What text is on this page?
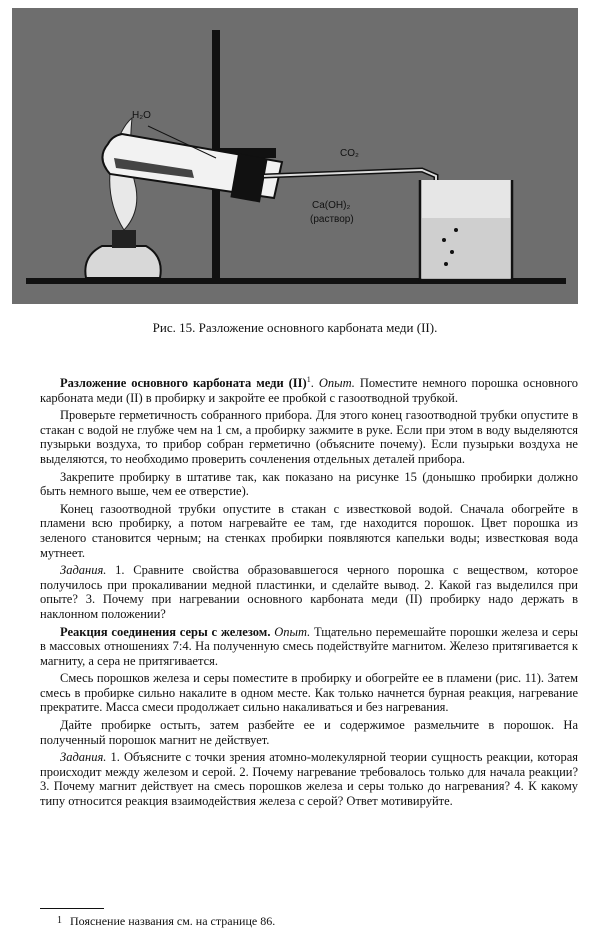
H₂O
CO₂
Ca(OH)₂
(раствор)
Рис. 15. Разложение основного карбоната меди (II).

Разложение основного карбоната меди (II)$^1$. Опыт. Поместите немного порошка основного карбоната меди (II) в пробирку и закройте ее пробкой с газоотводной трубкой.

Проверьте герметичность собранного прибора. Для этого конец газоотводной трубки опустите в стакан с водой не глубже чем на 1 см, а пробирку зажмите в руке. Если при этом в воду выделяются пузырьки воздуха, то прибор собран герметично (объясните почему). Если пузырьки воздуха не выделяются, то необходимо проверить сочленения отдельных деталей прибора.

Закрепите пробирку в штативе так, как показано на рисунке 15 (донышко пробирки должно быть немного выше, чем ее отверстие).

Конец газоотводной трубки опустите в стакан с известковой водой. Сначала обогрейте в пламени всю пробирку, а потом нагревайте ее там, где находится порошок. Цвет порошка из зеленого становится черным; на стенках пробирки появляются капельки воды; известковая вода мутнеет.

Задания. 1. Сравните свойства образовавшегося черного порошка с веществом, которое получилось при прокаливании медной пластинки, и сделайте вывод. 2. Какой газ выделился при опыте? 3. Почему при нагревании основного карбоната меди (II) пробирку надо держать в наклонном положении?

Реакция соединения серы с железом. Опыт. Тщательно перемешайте порошки железа и серы в массовых отношениях 7:4. На полученную смесь подействуйте магнитом. Железо притягивается к магниту, а сера не притягивается.

Смесь порошков железа и серы поместите в пробирку и обогрейте ее в пламени (рис. 11). Затем смесь в пробирке сильно накалите в одном месте. Как только начнется бурная реакция, нагревание прекратите. Масса смеси продолжает сильно накаливаться и без нагревания.

Дайте пробирке остыть, затем разбейте ее и содержимое размельчите в порошок. На полученный порошок магнит не действует.

Задания. 1. Объясните с точки зрения атомно-молекулярной теории сущность реакции, которая происходит между железом и серой. 2. Почему нагревание требовалось только для начала реакции? 3. Почему магнит действует на смесь порошков железа и серы только до нагревания? 4. К какому типу относится реакция взаимодействия железа с серой? Ответ мотивируйте.

1 Пояснение названия см. на странице 86.
